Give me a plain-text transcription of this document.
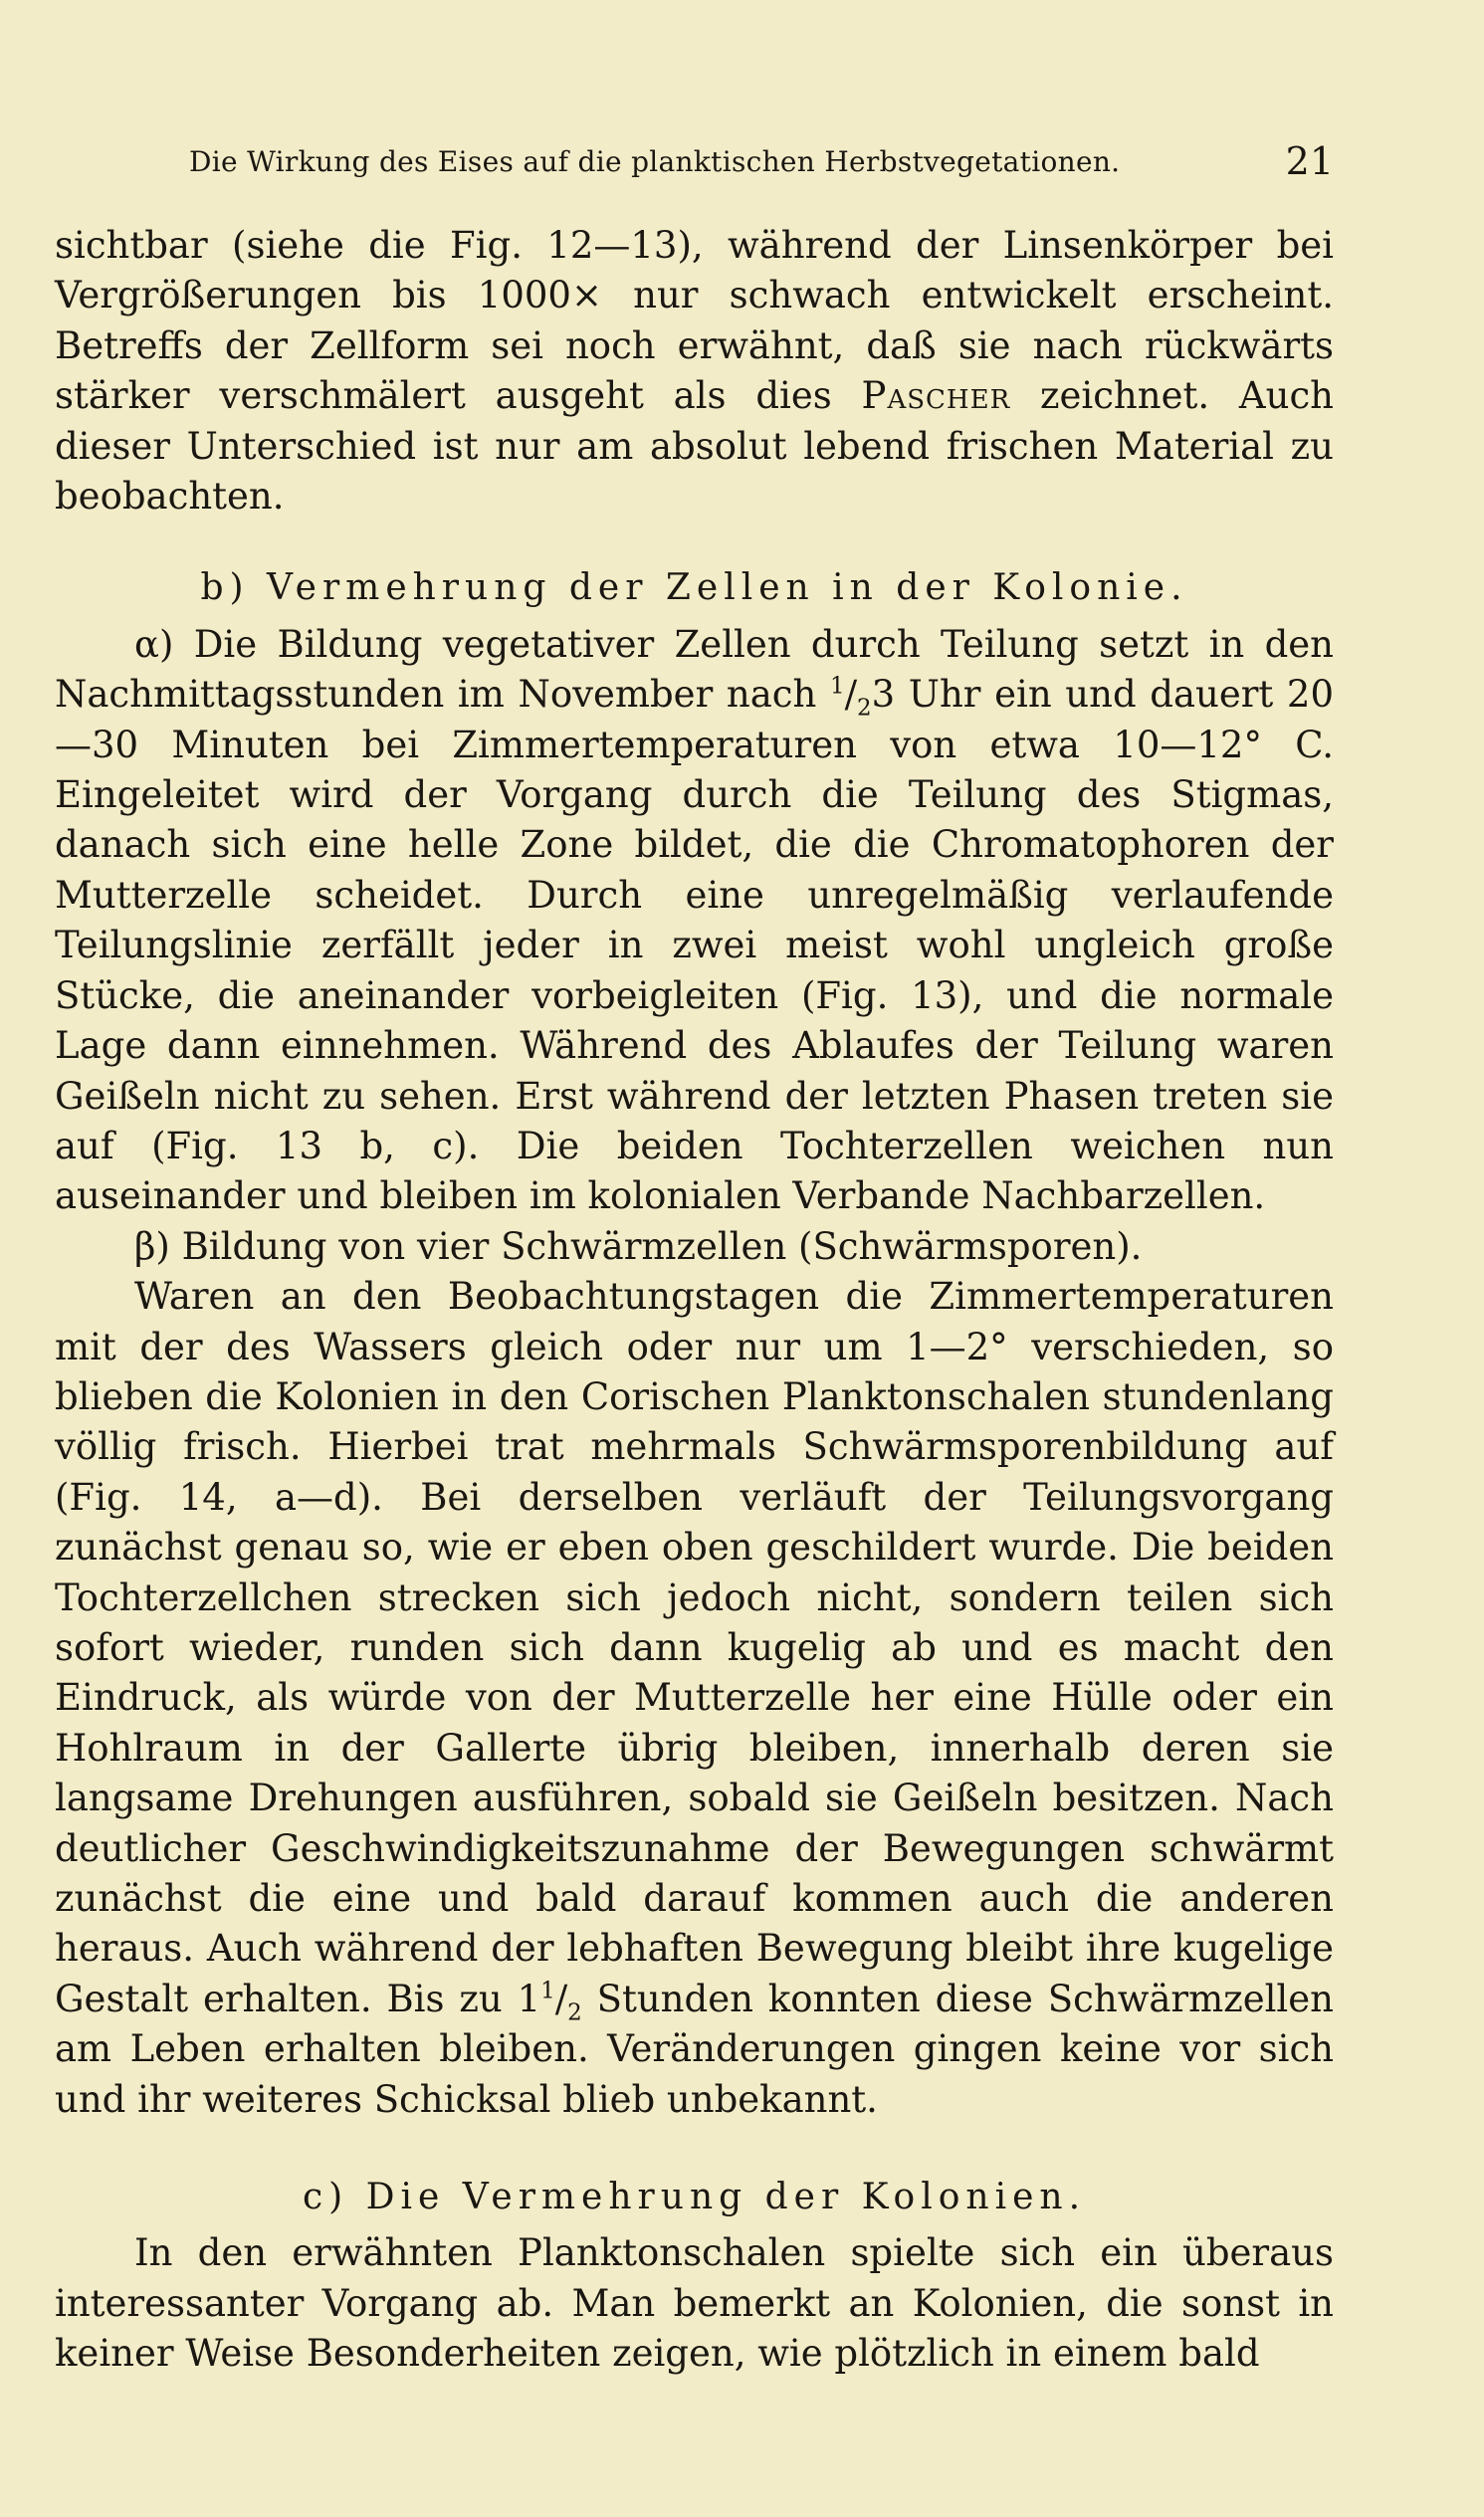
Die Wirkung des Eises auf die planktischen Herbstvegetationen.	21

sichtbar (siehe die Fig. 12—13), während der Linsenkörper bei Vergrößerungen bis 1000× nur schwach entwickelt erscheint. Betreffs der Zellform sei noch erwähnt, daß sie nach rückwärts stärker verschmälert ausgeht als dies Pascher zeichnet. Auch dieser Unterschied ist nur am absolut lebend frischen Material zu beobachten.

b) Vermehrung der Zellen in der Kolonie.

α) Die Bildung vegetativer Zellen durch Teilung setzt in den Nachmittagsstunden im November nach $^1/_23$ Uhr ein und dauert 20—30 Minuten bei Zimmertemperaturen von etwa 10—12° C. Eingeleitet wird der Vorgang durch die Teilung des Stigmas, danach sich eine helle Zone bildet, die die Chromatophoren der Mutterzelle scheidet. Durch eine unregelmäßig verlaufende Teilungslinie zerfällt jeder in zwei meist wohl ungleich große Stücke, die aneinander vorbeigleiten (Fig. 13), und die normale Lage dann einnehmen. Während des Ablaufes der Teilung waren Geißeln nicht zu sehen. Erst während der letzten Phasen treten sie auf (Fig. 13 b, c). Die beiden Tochterzellen weichen nun auseinander und bleiben im kolonialen Verbande Nachbarzellen.

β) Bildung von vier Schwärmzellen (Schwärmsporen).

Waren an den Beobachtungstagen die Zimmertemperaturen mit der des Wassers gleich oder nur um 1—2° verschieden, so blieben die Kolonien in den Corischen Planktonschalen stundenlang völlig frisch. Hierbei trat mehrmals Schwärmsporenbildung auf (Fig. 14, a—d). Bei derselben verläuft der Teilungsvorgang zunächst genau so, wie er eben oben geschildert wurde. Die beiden Tochterzellchen strecken sich jedoch nicht, sondern teilen sich sofort wieder, runden sich dann kugelig ab und es macht den Eindruck, als würde von der Mutterzelle her eine Hülle oder ein Hohlraum in der Gallerte übrig bleiben, innerhalb deren sie langsame Drehungen ausführen, sobald sie Geißeln besitzen. Nach deutlicher Geschwindigkeitszunahme der Bewegungen schwärmt zunächst die eine und bald darauf kommen auch die anderen heraus. Auch während der lebhaften Bewegung bleibt ihre kugelige Gestalt erhalten. Bis zu $1^1/_2$ Stunden konnten diese Schwärmzellen am Leben erhalten bleiben. Veränderungen gingen keine vor sich und ihr weiteres Schicksal blieb unbekannt.

c) Die Vermehrung der Kolonien.

In den erwähnten Planktonschalen spielte sich ein überaus interessanter Vorgang ab. Man bemerkt an Kolonien, die sonst in keiner Weise Besonderheiten zeigen, wie plötzlich in einem bald
